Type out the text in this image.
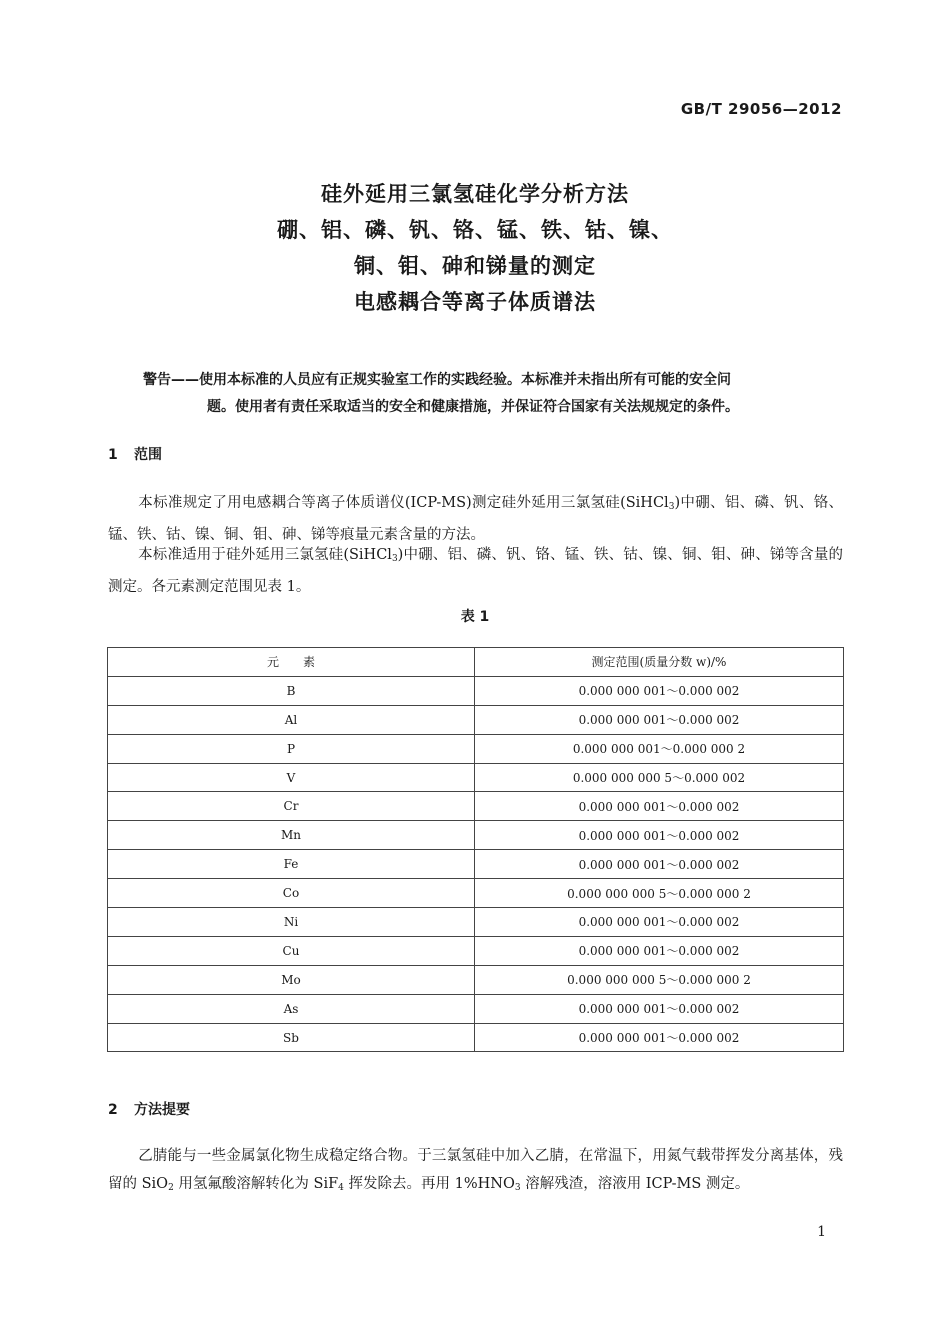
GB/T 29056—2012
硅外延用三氯氢硅化学分析方法
硼、铝、磷、钒、铬、锰、铁、钴、镍、
铜、钼、砷和锑量的测定
电感耦合等离子体质谱法
警告——使用本标准的人员应有正规实验室工作的实践经验。本标准并未指出所有可能的安全问
题。使用者有责任采取适当的安全和健康措施，并保证符合国家有关法规规定的条件。
1 范围
本标准规定了用电感耦合等离子体质谱仪(ICP-MS)测定硅外延用三氯氢硅(SiHCl$_3$)中硼、铝、磷、钒、铬、锰、铁、钴、镍、铜、钼、砷、锑等痕量元素含量的方法。
本标准适用于硅外延用三氯氢硅(SiHCl$_3$)中硼、铝、磷、钒、铬、锰、铁、钴、镍、铜、钼、砷、锑等含量的测定。各元素测定范围见表 1。
表 1
元　　素	测定范围(质量分数 w)/%
B	0.000 000 001～0.000 002
Al	0.000 000 001～0.000 002
P	0.000 000 001～0.000 000 2
V	0.000 000 000 5～0.000 002
Cr	0.000 000 001～0.000 002
Mn	0.000 000 001～0.000 002
Fe	0.000 000 001～0.000 002
Co	0.000 000 000 5～0.000 000 2
Ni	0.000 000 001～0.000 002
Cu	0.000 000 001～0.000 002
Mo	0.000 000 000 5～0.000 000 2
As	0.000 000 001～0.000 002
Sb	0.000 000 001～0.000 002
2 方法提要
乙腈能与一些金属氯化物生成稳定络合物。于三氯氢硅中加入乙腈，在常温下，用氮气载带挥发分离基体，残留的 SiO$_2$ 用氢氟酸溶解转化为 SiF$_4$ 挥发除去。再用 $1\%HNO_3$ 溶解残渣，溶液用 ICP-MS 测定。
1
